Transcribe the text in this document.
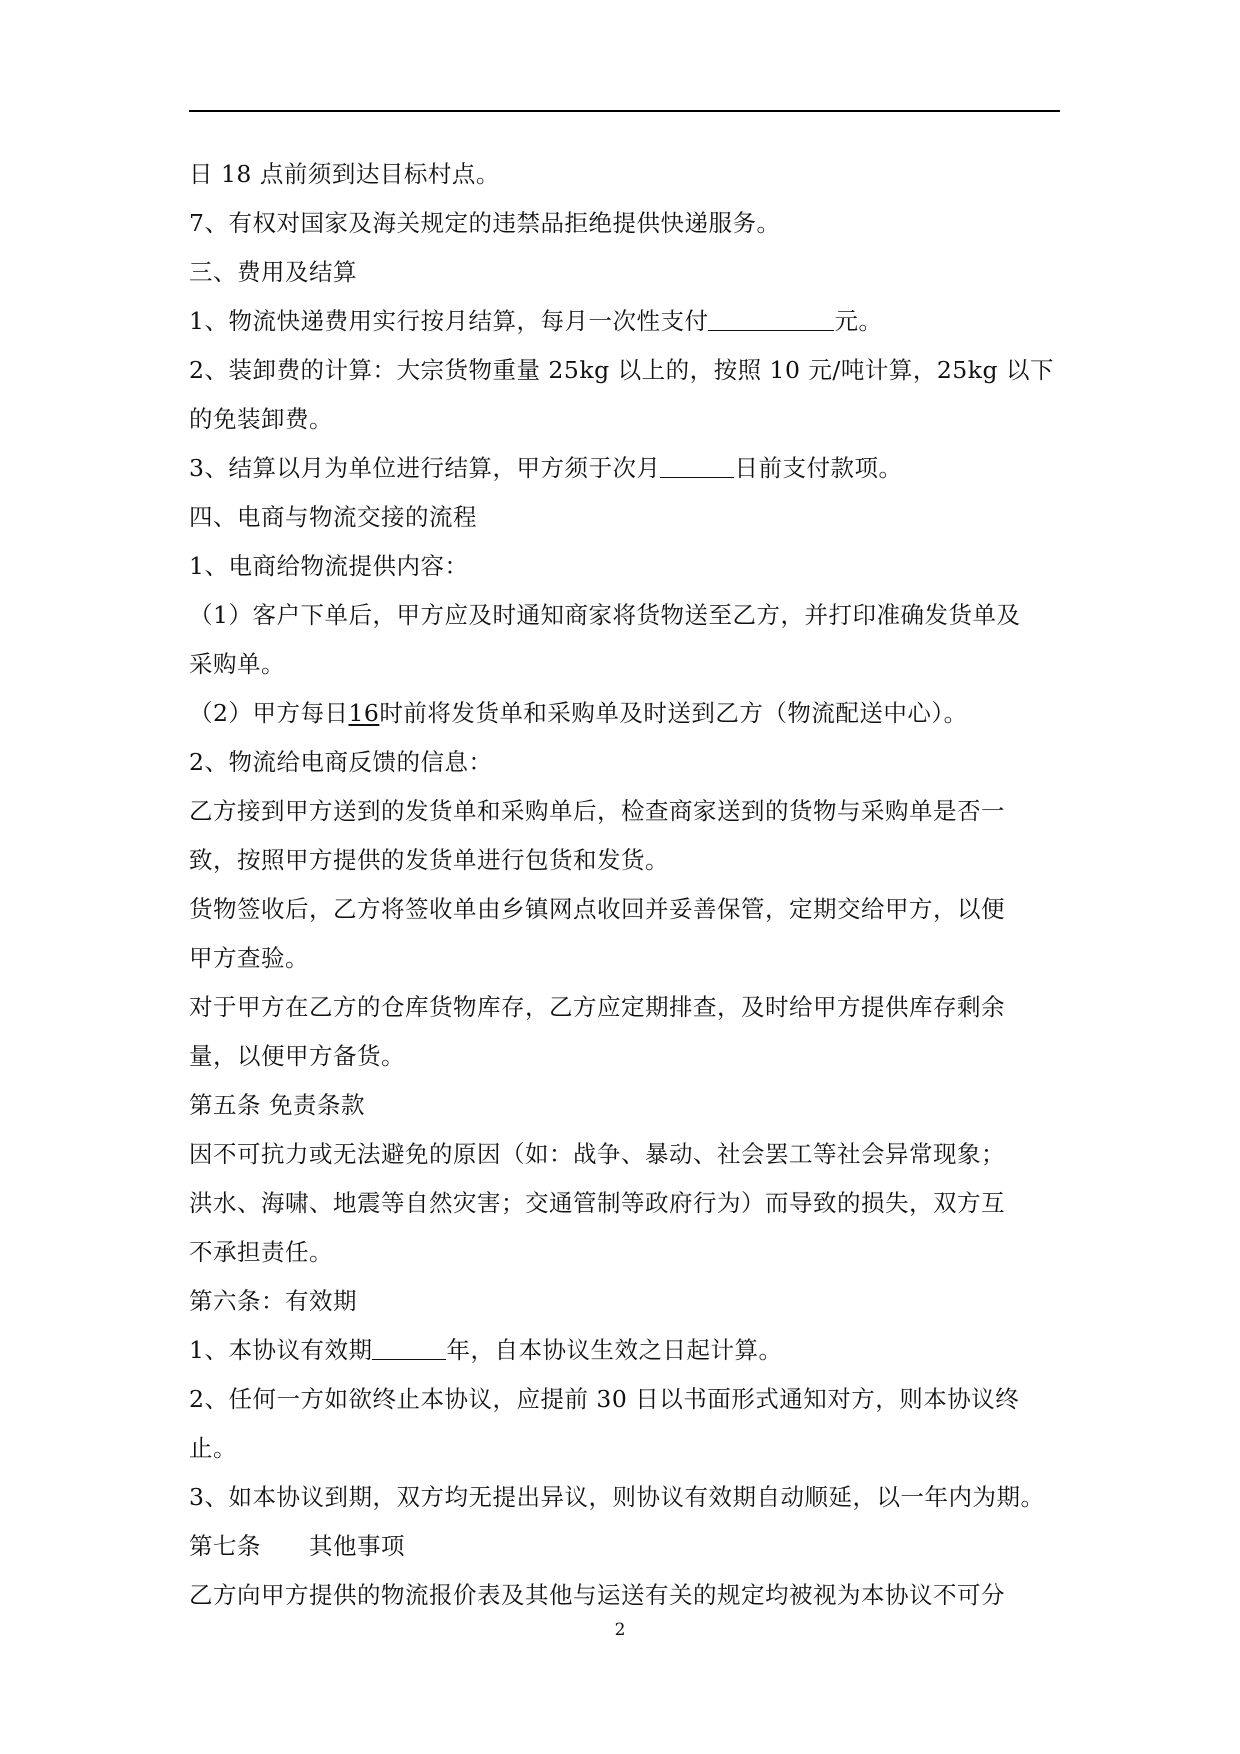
日 18 点前须到达目标村点。
7、有权对国家及海关规定的违禁品拒绝提供快递服务。
三、费用及结算
1、物流快递费用实行按月结算，每月一次性支付	元。
2、装卸费的计算：大宗货物重量 25kg 以上的，按照 10 元/吨计算，25kg 以下
的免装卸费。
3、结算以月为单位进行结算，甲方须于次月	日前支付款项。
四、电商与物流交接的流程
1、电商给物流提供内容：
（1）客户下单后，甲方应及时通知商家将货物送至乙方，并打印准确发货单及
采购单。
（2）甲方每日16时前将发货单和采购单及时送到乙方（物流配送中心）。
2、物流给电商反馈的信息：
乙方接到甲方送到的发货单和采购单后，检查商家送到的货物与采购单是否一
致，按照甲方提供的发货单进行包货和发货。
货物签收后，乙方将签收单由乡镇网点收回并妥善保管，定期交给甲方，以便
甲方查验。
对于甲方在乙方的仓库货物库存，乙方应定期排查，及时给甲方提供库存剩余
量，以便甲方备货。
第五条 免责条款
因不可抗力或无法避免的原因（如：战争、暴动、社会罢工等社会异常现象；
洪水、海啸、地震等自然灾害；交通管制等政府行为）而导致的损失，双方互
不承担责任。
第六条：有效期
1、本协议有效期	年，自本协议生效之日起计算。
2、任何一方如欲终止本协议，应提前 30 日以书面形式通知对方，则本协议终
止。
3、如本协议到期，双方均无提出异议，则协议有效期自动顺延，以一年内为期。
第七条　　其他事项
乙方向甲方提供的物流报价表及其他与运送有关的规定均被视为本协议不可分
2
